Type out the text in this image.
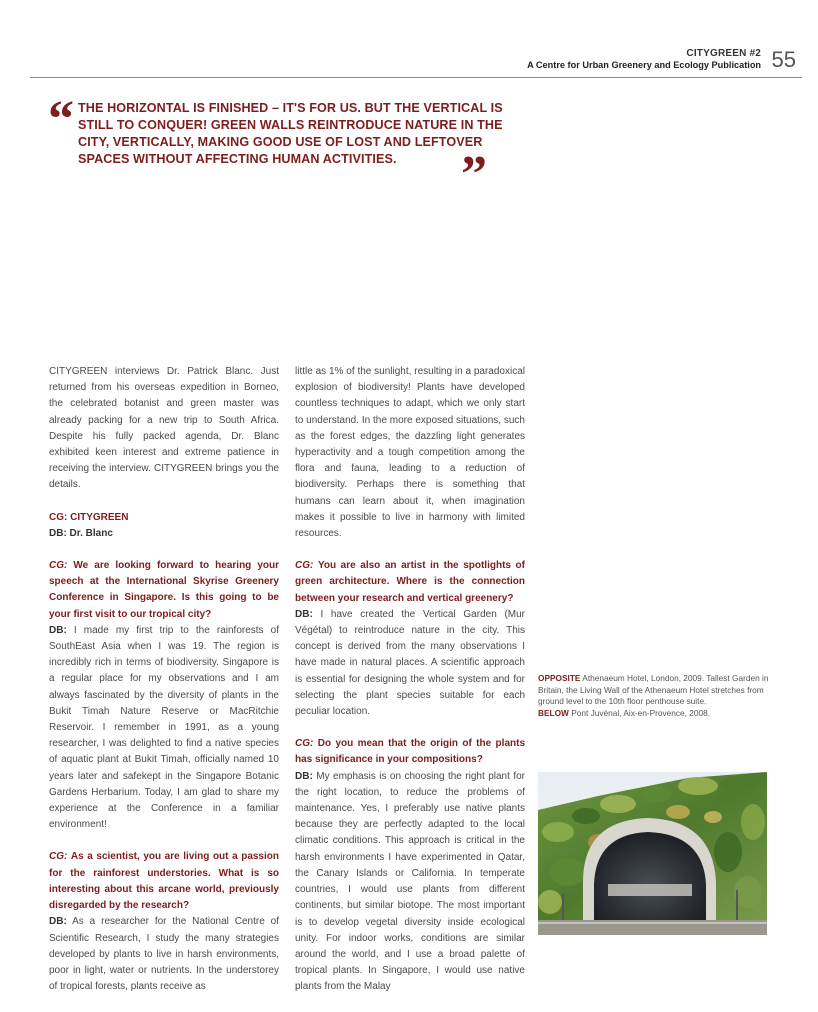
CITYGREEN #2
A Centre for Urban Greenery and Ecology Publication 55
“ THE HORIZONTAL IS FINISHED – IT'S FOR US. BUT THE VERTICAL IS STILL TO CONQUER! GREEN WALLS REINTRODUCE NATURE IN THE CITY, VERTICALLY, MAKING GOOD USE OF LOST AND LEFTOVER SPACES WITHOUT AFFECTING HUMAN ACTIVITIES.	”

CITYGREEN interviews Dr. Patrick Blanc. Just returned from his overseas expedition in Borneo, the celebrated botanist and green master was already packing for a new trip to South Africa. Despite his fully packed agenda, Dr. Blanc exhibited keen interest and extreme patience in receiving the interview. CITYGREEN brings you the details.

CG: CITYGREEN
DB: Dr. Blanc

CG: We are looking forward to hearing your speech at the International Skyrise Greenery Conference in Singapore. Is this going to be your first visit to our tropical city?
DB: I made my first trip to the rainforests of SouthEast Asia when I was 19. The region is incredibly rich in terms of biodiversity. Singapore is a regular place for my observations and I am always fascinated by the diversity of plants in the Bukit Timah Nature Reserve or MacRitchie Reservoir. I remember in 1991, as a young researcher, I was delighted to find a native species of aquatic plant at Bukit Timah, officially named 10 years later and safekept in the Singapore Botanic Gardens Herbarium. Today, I am glad to share my experience at the Conference in a familiar environment!

CG: As a scientist, you are living out a passion for the rainforest understories. What is so interesting about this arcane world, previously disregarded by the research?
DB: As a researcher for the National Centre of Scientific Research, I study the many strategies developed by plants to live in harsh environments, poor in light, water or nutrients. In the understorey of tropical forests, plants receive as

little as 1% of the sunlight, resulting in a paradoxical explosion of biodiversity! Plants have developed countless techniques to adapt, which we only start to understand. In the more exposed situations, such as the forest edges, the dazzling light generates hyperactivity and a tough competition among the flora and fauna, leading to a reduction of biodiversity. Perhaps there is something that humans can learn about it, when imagination makes it possible to live in harmony with limited resources.

CG: You are also an artist in the spotlights of green architecture. Where is the connection between your research and vertical greenery?
DB: I have created the Vertical Garden (Mur Végétal) to reintroduce nature in the city. This concept is derived from the many observations I have made in natural places. A scientific approach is essential for designing the whole system and for selecting the plant species suitable for each peculiar location.

CG: Do you mean that the origin of the plants has significance in your compositions?
DB: My emphasis is on choosing the right plant for the right location, to reduce the problems of maintenance. Yes, I preferably use native plants because they are perfectly adapted to the local climatic conditions. This approach is critical in the harsh environments I have experimented in Qatar, the Canary Islands or California. In temperate countries, I would use plants from different continents, but similar biotope. The most important is to develop vegetal diversity inside ecological unity. For indoor works, conditions are similar around the world, and I use a broad palette of tropical plants. In Singapore, I would use native plants from the Malay

OPPOSITE Athenaeum Hotel, London, 2009. Tallest Garden in Britain, the Living Wall of the Athenaeum Hotel stretches from ground level to the 10th floor penthouse suite.
BELOW Pont Juvénal, Aix-en-Provence, 2008.
